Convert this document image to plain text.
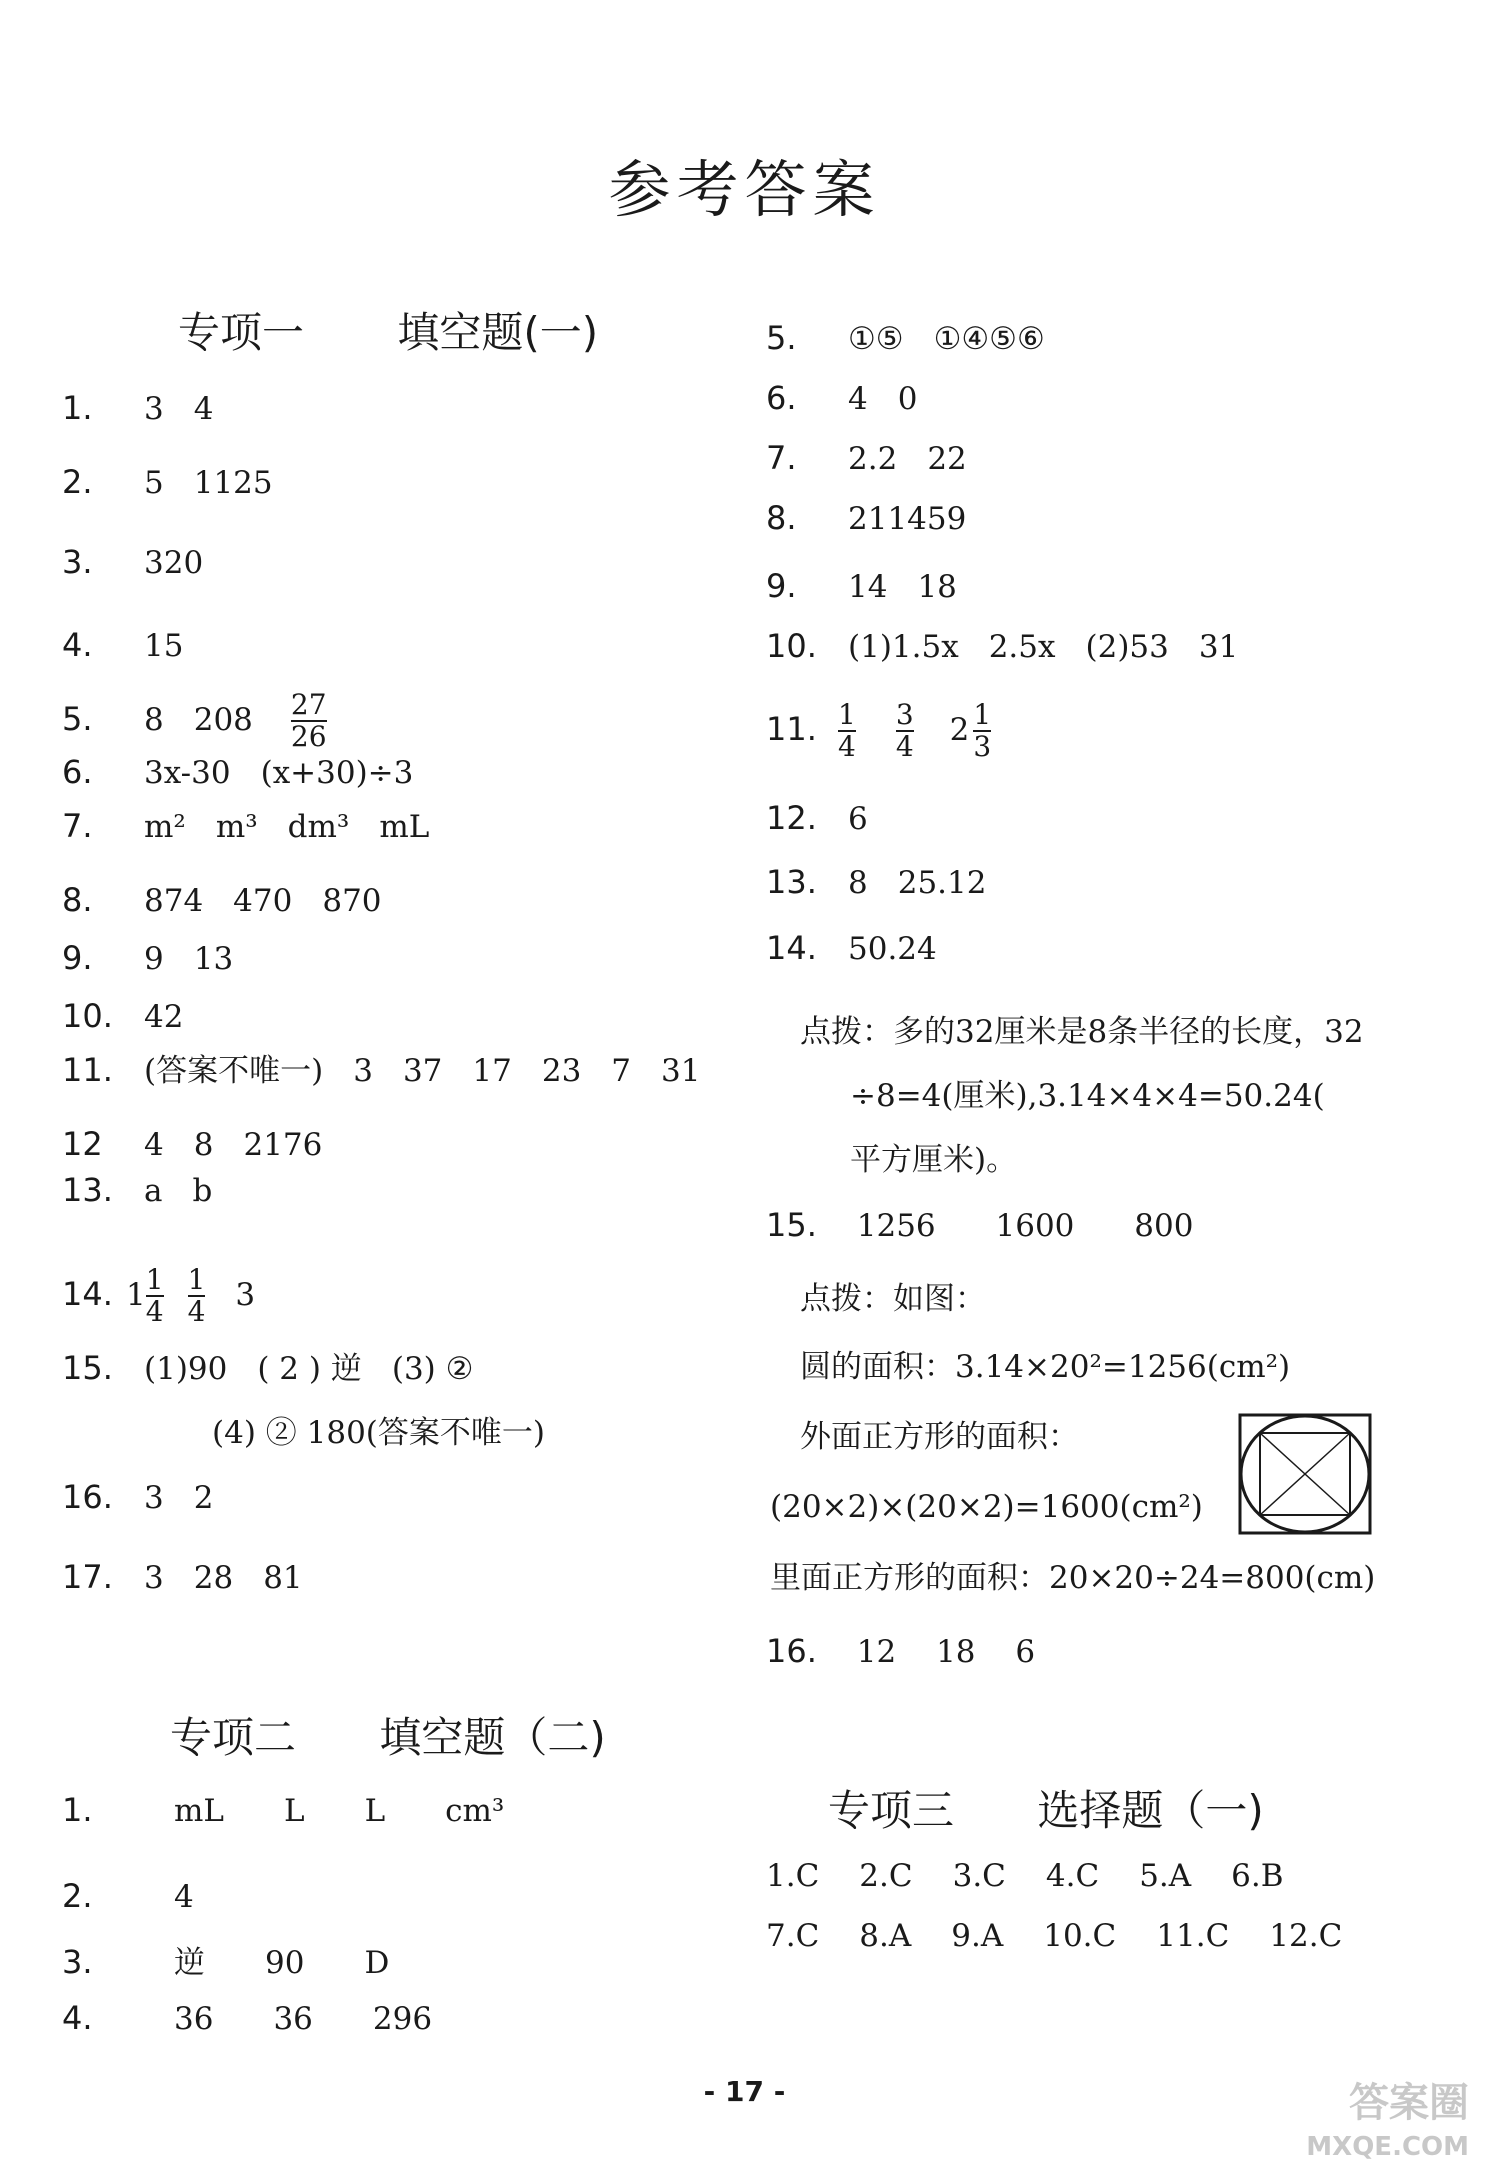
参考答案
专项一 填空题(一)
1. 3 4
2. 5 1125
3. 320
4. 15
5. 8 $208 \frac{27}{26}$
6. 3x-30 (x+30)÷3
7. m² m³ dm³ mL
8. 874 470 870
9. 9 13
10. 42
11. (答案不唯一) 3 37 17 23 7 31
12 4 8 2176
13. a b
14. $1 \frac{1}{4} \frac{1}{4} 3$
15. (1)90 ( 2 ) 逆 (3) ②
(4) ② 180(答案不唯一)
16. 3 2
17. 3 28 81
5. ①⑤ ①④⑤⑥
6. 4 0
7. 2.2 22
8. 211459
9. 14 18
10. (1)1.5x 2.5x (2)53 31
11. $\frac{1}{4} \frac{3}{4} 2 \frac{1}{3}$
12. 6
13. 8 25.12
14. 50.24
点拨：多的32厘米是8条半径的长度，32
÷8=4(厘米),3.14×4×4=50.24(
平方厘米)。
15. 1256 1600 800
点拨：如图：
圆的面积：3.14×20²=1256(cm²)
外面正方形的面积：
(20×2)×(20×2)=1600(cm²)
里面正方形的面积：20×20÷24=800(cm)
16. 12 18 6
专项二 填空题（二)
1.	mL L L cm³
2.	4
3.	逆 90 D
4.	36 36 296
专项三 选择题（一)
1.C 2.C 3.C 4.C 5.A 6.B
7.C 8.A 9.A 10.C 11.C 12.C
- 17 -	答案圈
MXQE.COM
